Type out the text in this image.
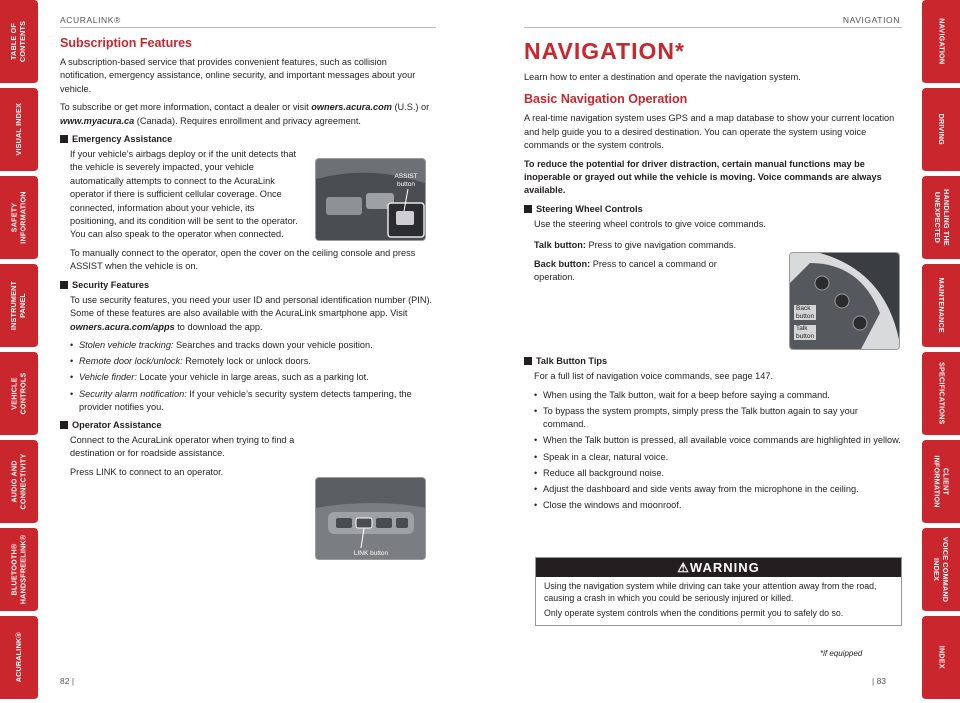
TABLE OF
CONTENTS
VISUAL INDEX
SAFETY
INFORMATION
INSTRUMENT
PANEL
VEHICLE
CONTROLS
AUDIO AND
CONNECTIVITY
BLUETOOTH®
HANDSFREELINK®
ACURALINK®
NAVIGATION
DRIVING
HANDLING THE
UNEXPECTED
MAINTENANCE
SPECIFICATIONS
CLIENT
INFORMATION
VOICE COMMAND
INDEX
INDEX
ACURALINK®	NAVIGATION
Subscription Features

A subscription-based service that provides convenient features, such as collision notification, emergency assistance, online security, and important messages about your vehicle.

To subscribe or get more information, contact a dealer or visit owners.acura.com (U.S.) or www.myacura.ca (Canada). Requires enrollment and privacy agreement.

Emergency Assistance

If your vehicle’s airbags deploy or if the unit detects that the vehicle is severely impacted, your vehicle automatically attempts to connect to the AcuraLink operator if there is sufficient cellular coverage. Once connected, information about your vehicle, its positioning, and its condition will be sent to the operator. You can also speak to the operator when connected.

To manually connect to the operator, open the cover on the ceiling console and press ASSIST when the vehicle is on.

Security Features

To use security features, you need your user ID and personal identification number (PIN). Some of these features are also available with the AcuraLink smartphone app. Visit owners.acura.com/apps to download the app.

• Stolen vehicle tracking: Searches and tracks down your vehicle position.
• Remote door lock/unlock: Remotely lock or unlock doors.
• Vehicle finder: Locate your vehicle in large areas, such as a parking lot.
• Security alarm notification: If your vehicle’s security system detects tampering, the provider notifies you.
Operator Assistance

Connect to the AcuraLink operator when trying to find a destination or for roadside assistance.

Press LINK to connect to an operator.

ASSIST
button
LINK button
NAVIGATION*

Learn how to enter a destination and operate the navigation system.

Basic Navigation Operation

A real-time navigation system uses GPS and a map database to show your current location and help guide you to a desired destination. You can operate the system using voice commands or the system controls.

To reduce the potential for driver distraction, certain manual functions may be inoperable or grayed out while the vehicle is moving. Voice commands are always available.

Steering Wheel Controls

Use the steering wheel controls to give voice commands.

Talk button: Press to give navigation commands.

Back button: Press to cancel a command or operation.

Talk Button Tips

For a full list of navigation voice commands, see page 147.

• When using the Talk button, wait for a beep before saying a command.
• To bypass the system prompts, simply press the Talk button again to say your command.
• When the Talk button is pressed, all available voice commands are highlighted in yellow.
• Speak in a clear, natural voice.
• Reduce all background noise.
• Adjust the dashboard and side vents away from the microphone in the ceiling.
• Close the windows and moonroof.
Back
button
Talk
button
⚠WARNING

Using the navigation system while driving can take your attention away from the road, causing a crash in which you could be seriously injured or killed.

Only operate system controls when the conditions permit you to safely do so.

*if equipped
82 |	| 83
